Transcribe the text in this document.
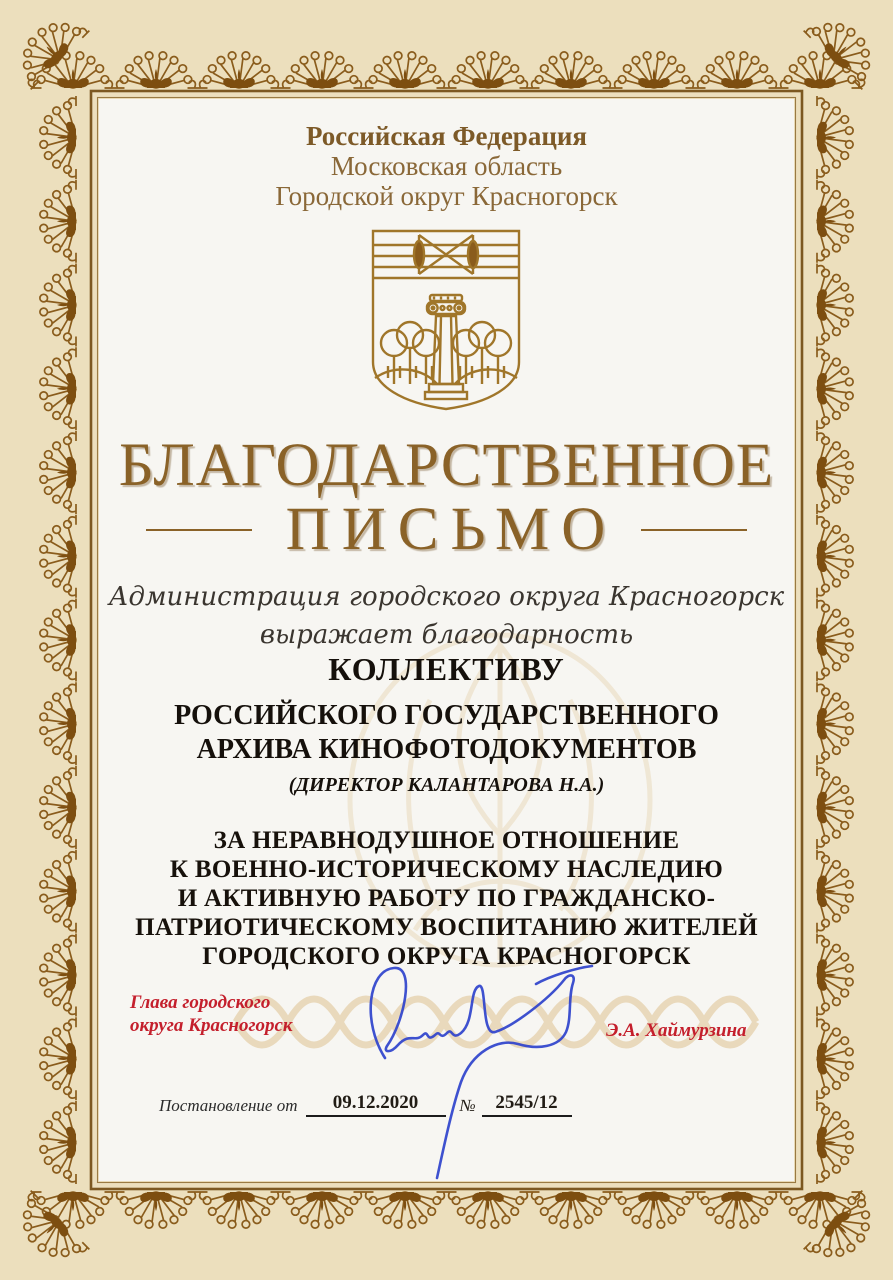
Российская Федерация
Московская область
Городской округ Красногорск
БЛАГОДАРСТВЕННОЕ
ПИСЬМО
Администрация городского округа Красногорск
выражает благодарность
КОЛЛЕКТИВУ
РОССИЙСКОГО ГОСУДАРСТВЕННОГО
АРХИВА КИНОФОТОДОКУМЕНТОВ
(ДИРЕКТОР КАЛАНТАРОВА Н.А.)
ЗА НЕРАВНОДУШНОЕ ОТНОШЕНИЕ
К ВОЕННО-ИСТОРИЧЕСКОМУ НАСЛЕДИЮ
И АКТИВНУЮ РАБОТУ ПО ГРАЖДАНСКО-
ПАТРИОТИЧЕСКОМУ ВОСПИТАНИЮ ЖИТЕЛЕЙ
ГОРОДСКОГО ОКРУГА КРАСНОГОРСК
Глава городского
округа Красногорск	Э.А. Хаймурзина
Постановление от	09.12.2020	№	2545/12
